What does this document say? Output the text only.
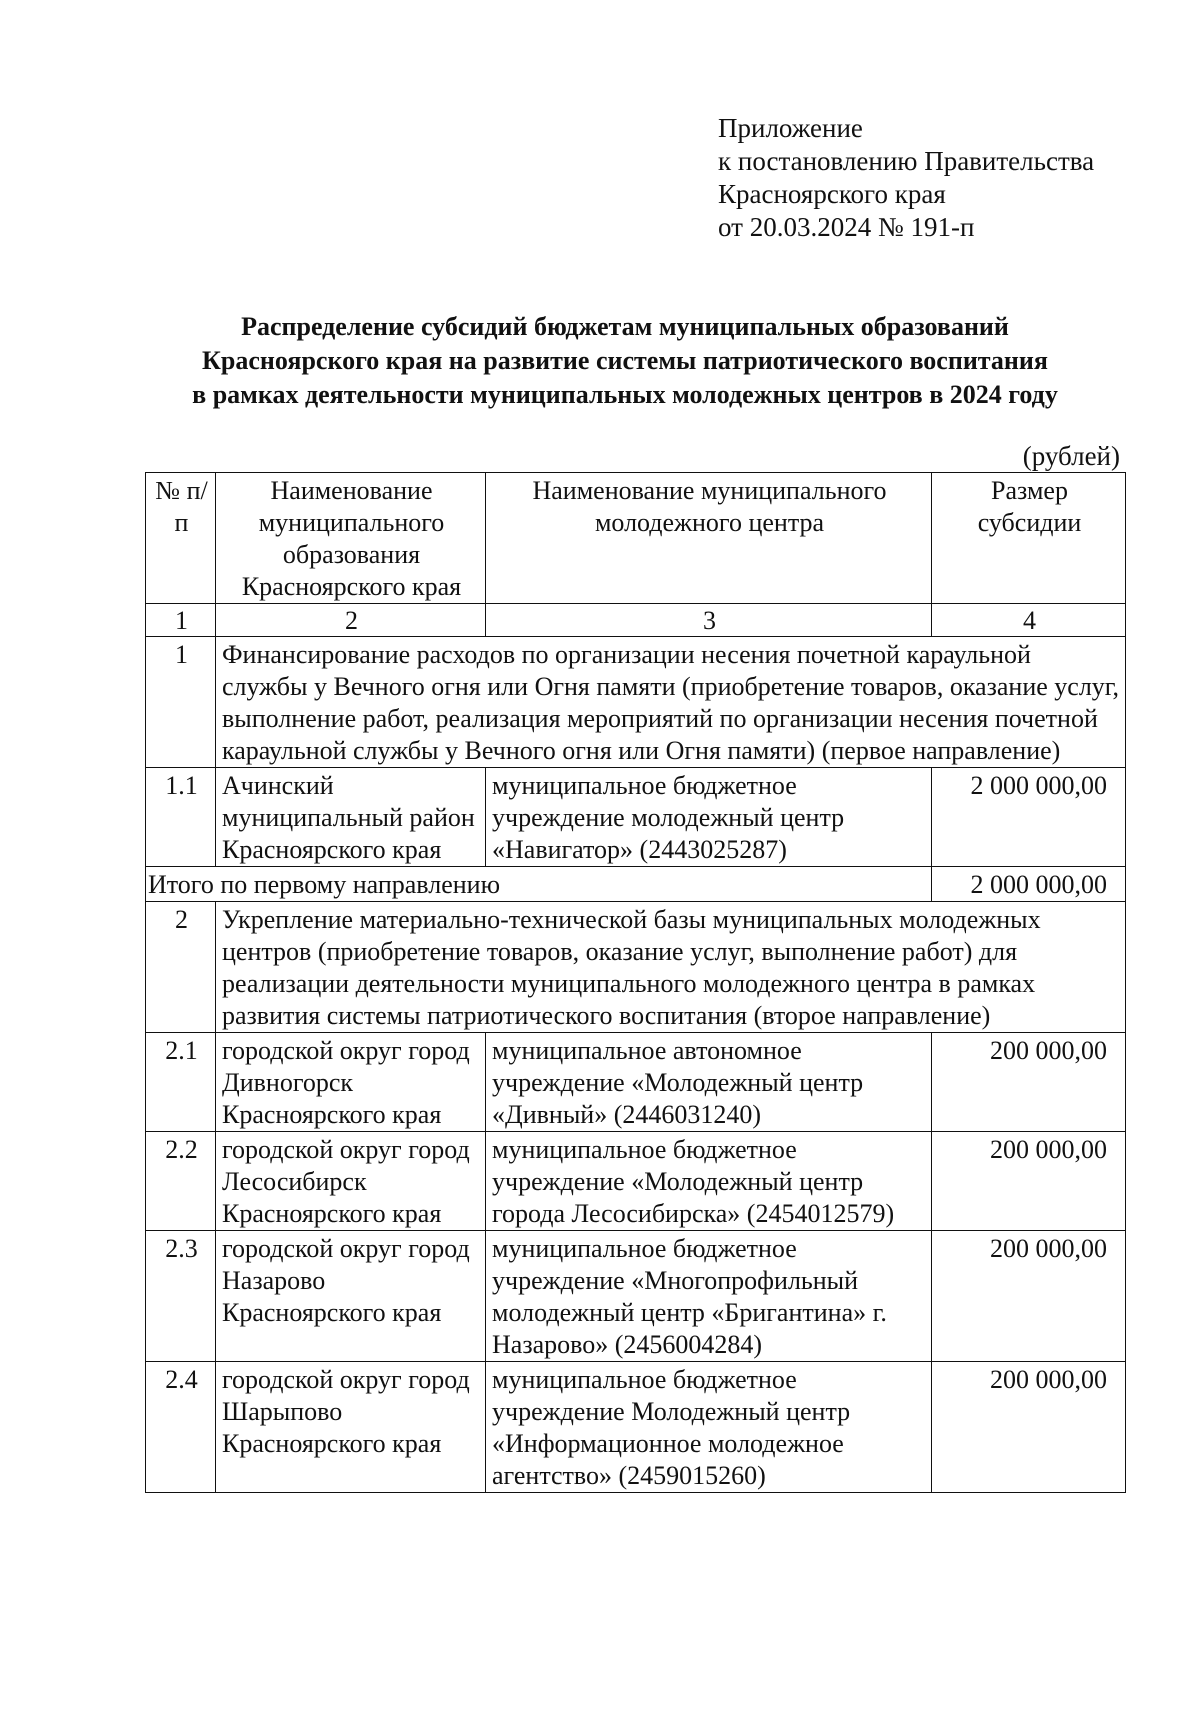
Приложение
к постановлению Правительства
Красноярского края
от 20.03.2024 № 191-п
Распределение субсидий бюджетам муниципальных образований
Красноярского края на развитие системы патриотического воспитания
в рамках деятельности муниципальных молодежных центров в 2024 году
(рублей)
№ п/п	Наименование муниципального образования Красноярского края	Наименование муниципального молодежного центра	Размер субсидии
1	2	3	4
1	Финансирование расходов по организации несения почетной караульной службы у Вечного огня или Огня памяти (приобретение товаров, оказание услуг, выполнение работ, реализация мероприятий по организации несения почетной караульной службы у Вечного огня или Огня памяти) (первое направление)		
1.1	Ачинский муниципальный район Красноярского края	муниципальное бюджетное учреждение молодежный центр «Навигатор» (2443025287)	2 000 000,00
Итого по первому направлению			2 000 000,00
2	Укрепление материально-технической базы муниципальных молодежных центров (приобретение товаров, оказание услуг, выполнение работ) для реализации деятельности муниципального молодежного центра в рамках развития системы патриотического воспитания (второе направление)		
2.1	городской округ город Дивногорск Красноярского края	муниципальное автономное учреждение «Молодежный центр «Дивный» (2446031240)	200 000,00
2.2	городской округ город Лесосибирск Красноярского края	муниципальное бюджетное учреждение «Молодежный центр города Лесосибирска» (2454012579)	200 000,00
2.3	городской округ город Назарово Красноярского края	муниципальное бюджетное учреждение «Многопрофильный молодежный центр «Бригантина» г. Назарово» (2456004284)	200 000,00
2.4	городской округ город Шарыпово Красноярского края	муниципальное бюджетное учреждение Молодежный центр «Информационное молодежное агентство» (2459015260)	200 000,00
